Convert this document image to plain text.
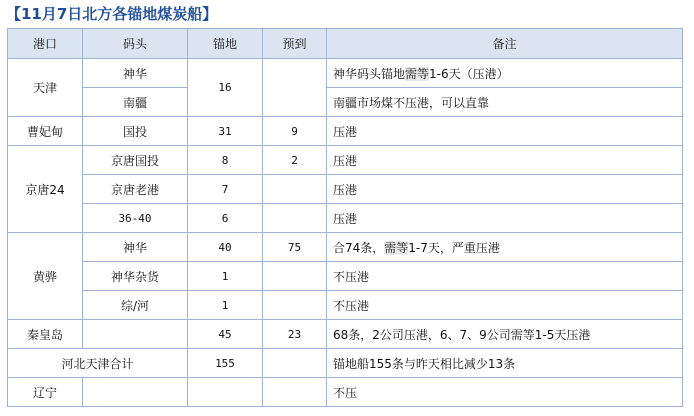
【11月7日北方各锚地煤炭船】
港口	码头	锚地	预到	备注
天津	神华	16		神华码头锚地需等1-6天（压港）
	南疆			南疆市场煤不压港，可以直靠
曹妃甸	国投	31	9	压港
京唐24	京唐国投	8	2	压港
	京唐老港	7		压港
	36-40	6		压港
黄骅	神华	40	75	合74条，需等1-7天，严重压港
	神华杂货	1		不压港
	综/河	1		不压港
秦皇岛		45	23	68条，2公司压港，6、7、9公司需等1-5天压港
河北天津合计		155		锚地船155条与昨天相比减少13条
辽宁				不压
